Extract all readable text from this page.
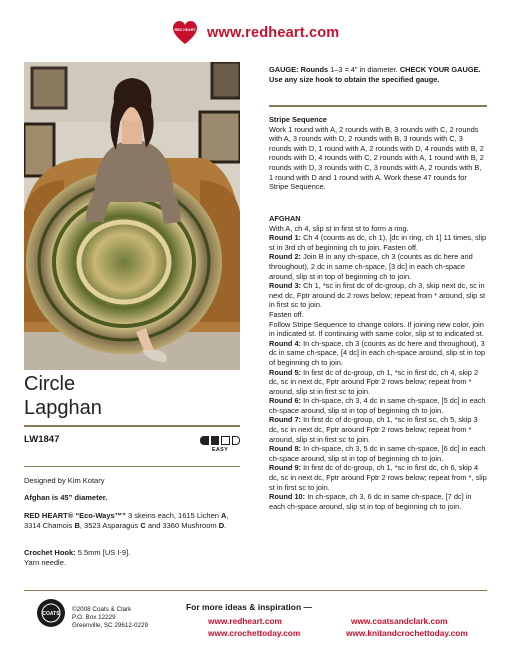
RED HEART www.redheart.com
Circle
Lapghan
LW1847
EASY

Designed by Kim Kotary

Afghan is 45” diameter.

RED HEART® “Eco-Ways™” 3 skeins each, 1615 Lichen A, 3314 Chamois B, 3523 Asparagus C and 3360 Mushroom D.

Crochet Hook: 5.5mm [US I-9].

Yarn needle.

GAUGE: Rounds 1–3 = 4” in diameter. CHECK YOUR GAUGE. Use any size hook to obtain the specified gauge.

Stripe Sequence

Work 1 round with A, 2 rounds with B, 3 rounds with C, 2 rounds with A, 3 rounds with D, 2 rounds with B, 3 rounds with C, 3 rounds with D, 1 round with A, 2 rounds with D, 4 rounds with B, 2 rounds with D, 4 rounds with C, 2 rounds with A, 1 round with B, 2 rounds with D, 3 rounds with C, 3 rounds with A, 2 rounds with B, 1 round with D and 1 round with A. Work these 47 rounds for Stripe Sequence.

AFGHAN

With A, ch 4, slip st in first st to form a ring.

Round 1: Ch 4 (counts as dc, ch 1), [dc in ring, ch 1] 11 times, slip st in 3rd ch of beginning ch to join. Fasten off.

Round 2: Join B in any ch-space, ch 3 (counts as dc here and throughout), 2 dc in same ch-space, [3 dc] in each ch-space around, slip st in top of beginning ch to join.

Round 3: Ch 1, *sc in first dc of dc-group, ch 3, skip next dc, sc in next dc, Fptr around dc 2 rows below; repeat from * around, slip st in first sc to join.

Fasten off.

Follow Stripe Sequence to change colors. If joining new color, join in indicated st. If continuing with same color, slip st to indicated st.

Round 4: In ch-space, ch 3 (counts as dc here and throughout), 3 dc in same ch-space, [4 dc] in each ch-space around, slip st in top of beginning ch to join.

Round 5: In first dc of dc-group, ch 1, *sc in first dc, ch 4, skip 2 dc, sc in next dc, Fptr around Fptr 2 rows below; repeat from * around, slip st in first sc to join.

Round 6: In ch-space, ch 3, 4 dc in same ch-space, [5 dc] in each ch-space around, slip st in top of beginning ch to join.

Round 7: In first dc of dc-group, ch 1, *sc in first sc, ch 5, skip 3 dc, sc in next dc, Fptr around Fptr 2 rows below; repeat from * around, slip st in first sc to join.

Round 8: In ch-space, ch 3, 5 dc in same ch-space, [6 dc] in each ch-space around, slip st in top of beginning ch to join.

Round 9: In first dc of dc-group, ch 1, *sc in first dc, ch 6, skip 4 dc, sc in next dc, Fptr around Fptr 2 rows below; repeat from *, slip st in first sc to join.

Round 10: In ch-space, ch 3, 6 dc in same ch-space, [7 dc] in each ch-space around, slip st in top of beginning ch to join.

COATS
©2008 Coats & Clark
P.O. Box 12229
Greenville, SC 29612-0229
For more ideas & inspiration —
www.redheart.com	www.coatsandclark.com
www.crochettoday.com	www.knitandcrochettoday.com
